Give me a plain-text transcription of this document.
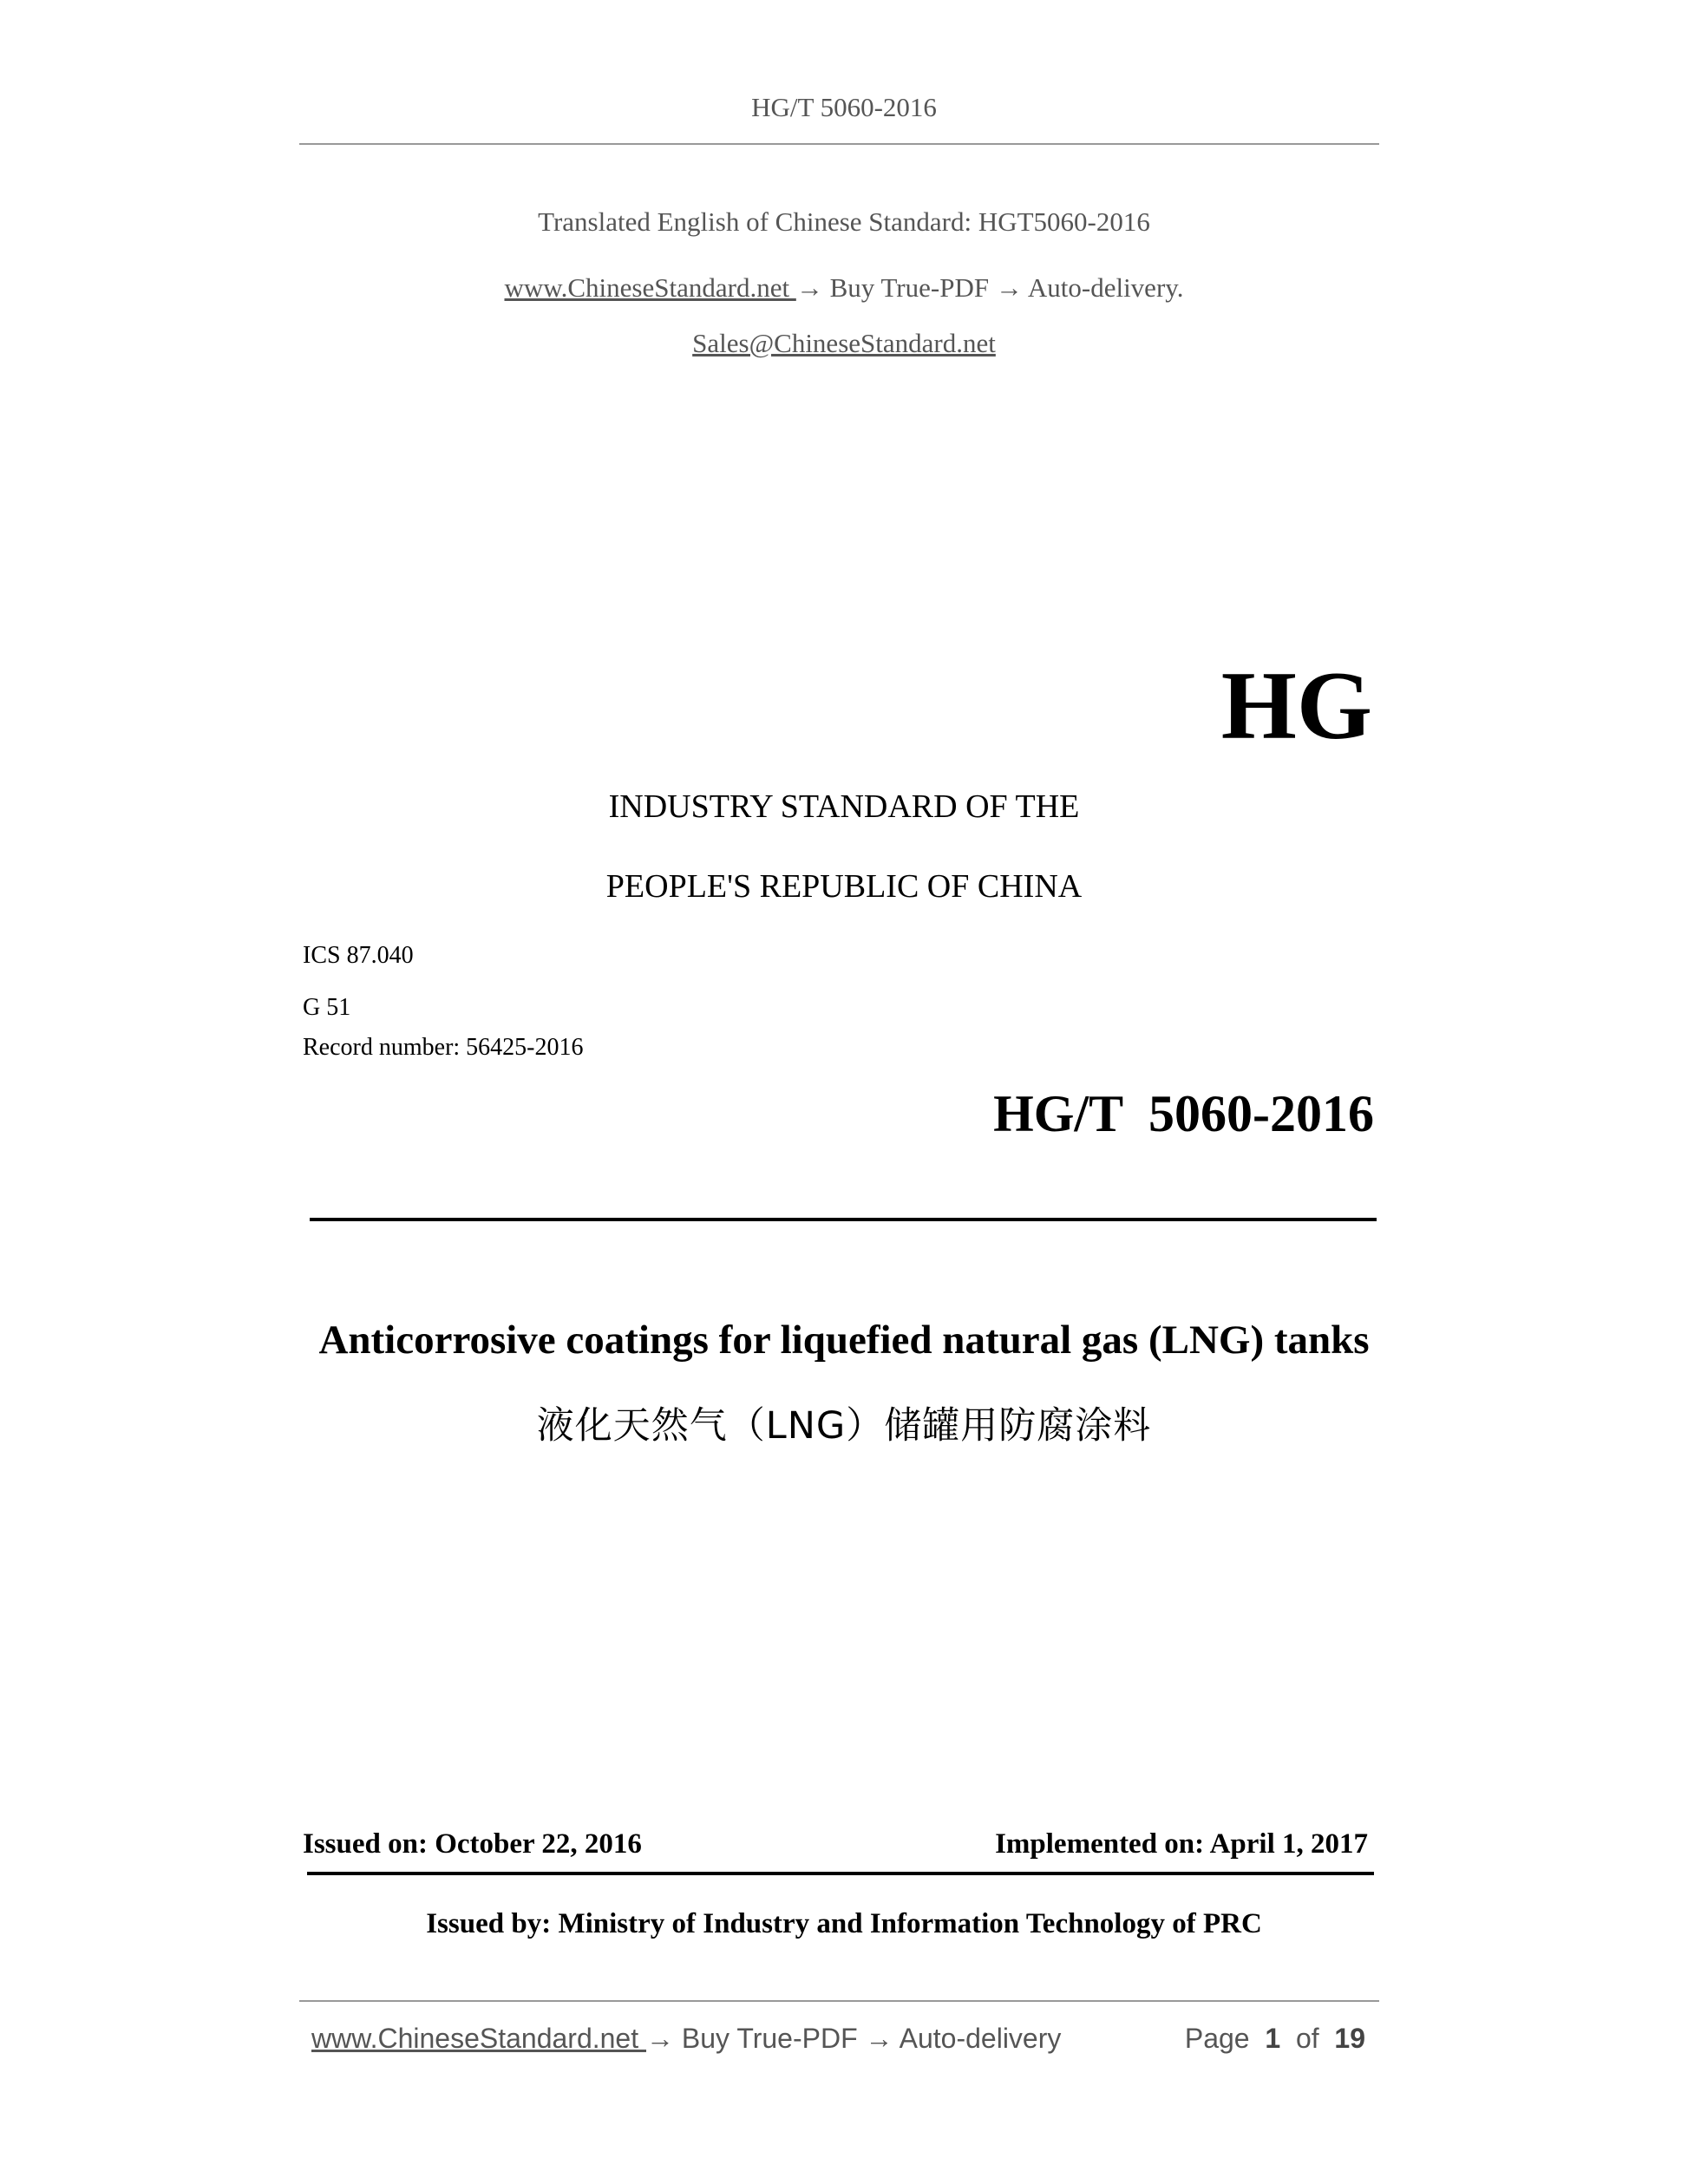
HG/T 5060-2016
Translated English of Chinese Standard: HGT5060-2016
www.ChineseStandard.net → Buy True-PDF → Auto-delivery.
Sales@ChineseStandard.net
HG
INDUSTRY STANDARD OF THE
PEOPLE'S REPUBLIC OF CHINA
ICS 87.040
G 51
Record number: 56425-2016
HG/T  5060-2016
Anticorrosive coatings for liquefied natural gas (LNG) tanks
液化天然气（LNG）储罐用防腐涂料
Issued on: October 22, 2016	Implemented on: April 1, 2017
Issued by: Ministry of Industry and Information Technology of PRC
www.ChineseStandard.net → Buy True-PDF → Auto-delivery	Page 1 of 19
